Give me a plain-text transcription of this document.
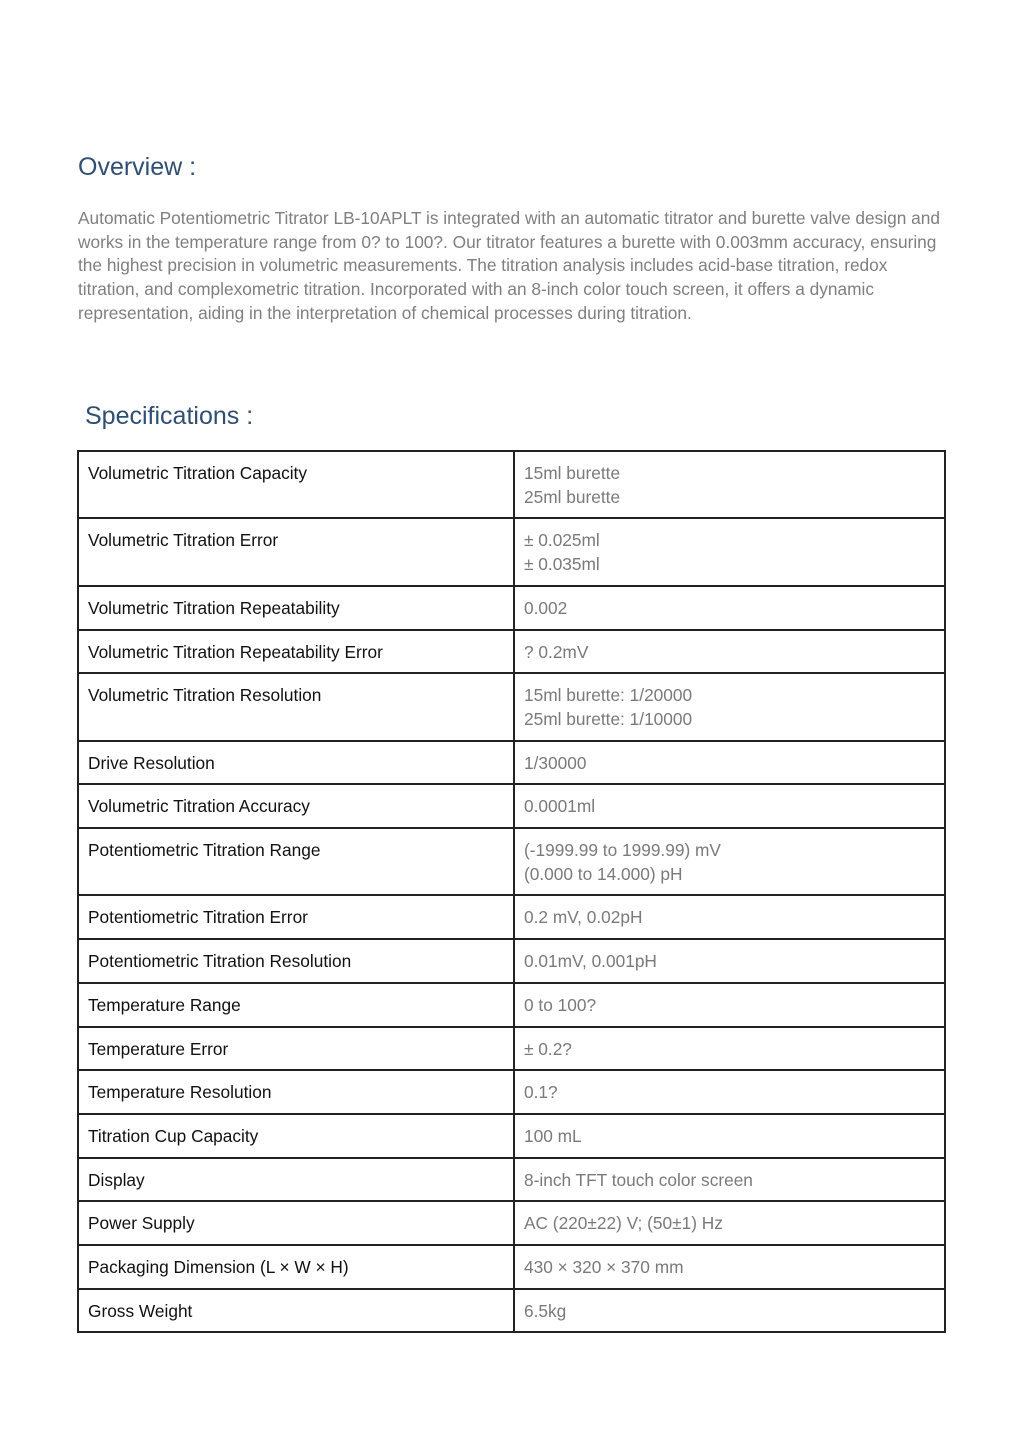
Overview :

Automatic Potentiometric Titrator LB-10APLT is integrated with an automatic titrator and burette valve design and works in the temperature range from 0? to 100?. Our titrator features a burette with 0.003mm accuracy, ensuring the highest precision in volumetric measurements. The titration analysis includes acid-base titration, redox titration, and complexometric titration. Incorporated with an 8-inch color touch screen, it offers a dynamic representation, aiding in the interpretation of chemical processes during titration.

Specifications :
Volumetric Titration Capacity	15ml burette
25ml burette

Volumetric Titration Error	± 0.025ml
± 0.035ml

Volumetric Titration Repeatability	0.002

Volumetric Titration Repeatability Error	? 0.2mV

Volumetric Titration Resolution	15ml burette: 1/20000
25ml burette: 1/10000

Drive Resolution	1/30000

Volumetric Titration Accuracy	0.0001ml

Potentiometric Titration Range	(-1999.99 to 1999.99) mV
(0.000 to 14.000) pH

Potentiometric Titration Error	0.2 mV, 0.02pH

Potentiometric Titration Resolution	0.01mV, 0.001pH

Temperature Range	0 to 100?

Temperature Error	± 0.2?

Temperature Resolution	0.1?

Titration Cup Capacity	100 mL

Display	8-inch TFT touch color screen

Power Supply	AC (220±22) V; (50±1) Hz

Packaging Dimension (L × W × H)	430 × 320 × 370 mm

Gross Weight	6.5kg
